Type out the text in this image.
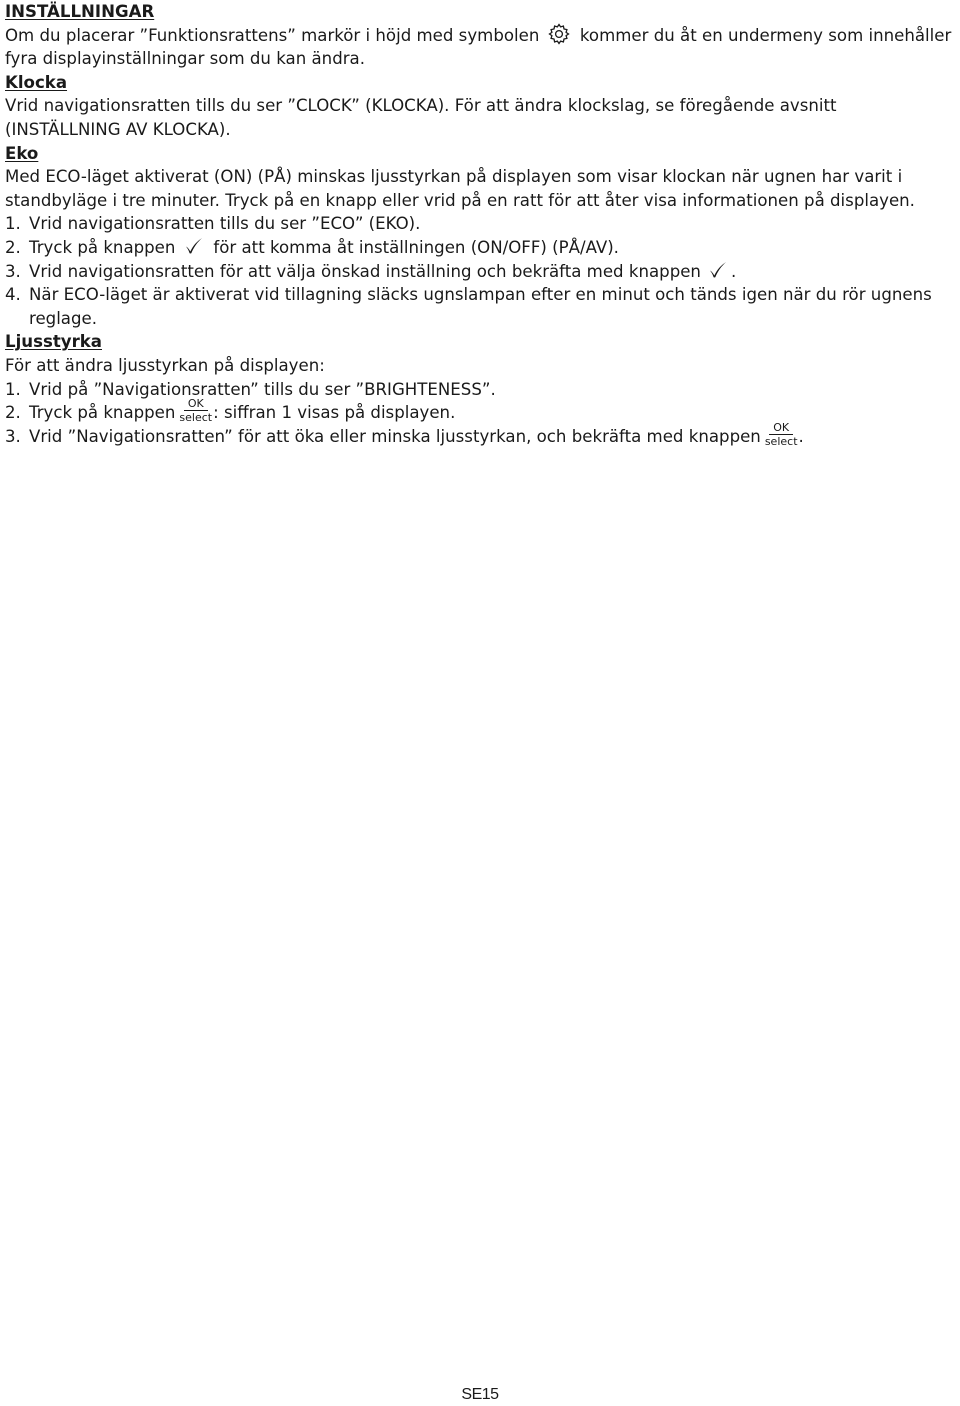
INSTÄLLNINGAR

Om du placerar ”Funktionsrattens” markör i höjd med symbolen kommer du åt en undermeny som innehåller fyra displayinställningar som du kan ändra.

Klocka

Vrid navigationsratten tills du ser ”CLOCK” (KLOCKA). För att ändra klockslag, se föregående avsnitt (INSTÄLLNING AV KLOCKA).

Eko

Med ECO-läget aktiverat (ON) (PÅ) minskas ljusstyrkan på displayen som visar klockan när ugnen har varit i standbyläge i tre minuter. Tryck på en knapp eller vrid på en ratt för att åter visa informationen på displayen.

1. Vrid navigationsratten tills du ser ”ECO” (EKO).
2. Tryck på knappen för att komma åt inställningen (ON/OFF) (PÅ/AV).
3. Vrid navigationsratten för att välja önskad inställning och bekräfta med knappen .
4. När ECO-läget är aktiverat vid tillagning släcks ugnslampan efter en minut och tänds igen när du rör ugnens reglage.

Ljusstyrka

För att ändra ljusstyrkan på displayen:

1. Vrid på ”Navigationsratten” tills du ser ”BRIGHTENESS”.
2. Tryck på knappen	OK
select : siffran 1 visas på displayen.
3. Vrid ”Navigationsratten” för att öka eller minska ljusstyrkan, och bekräfta med knappen	OK
select .
SE15
